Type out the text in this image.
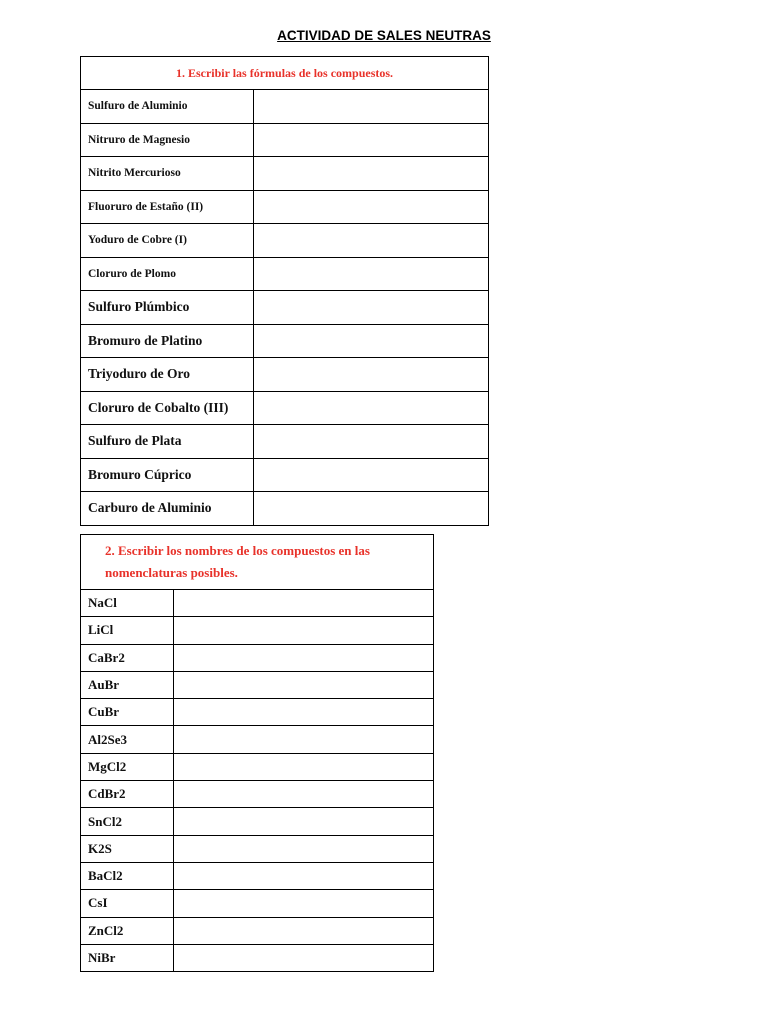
ACTIVIDAD DE SALES NEUTRAS
1. Escribir las fórmulas de los compuestos.	
Sulfuro de Aluminio	
Nitruro de Magnesio	
Nitrito Mercurioso	
Fluoruro de Estaño (II)	
Yoduro de Cobre (I)	
Cloruro de Plomo	
Sulfuro Plúmbico	
Bromuro de Platino	
Triyoduro de Oro	
Cloruro de Cobalto (III)	
Sulfuro de Plata	
Bromuro Cúprico	
Carburo de Aluminio	
2. Escribir los nombres de los compuestos en las
nomenclaturas posibles.	

NaCl	
LiCl	
CaBr2	
AuBr	
CuBr	
Al2Se3	
MgCl2	
CdBr2	
SnCl2	
K2S	
BaCl2	
CsI	
ZnCl2	
NiBr	
